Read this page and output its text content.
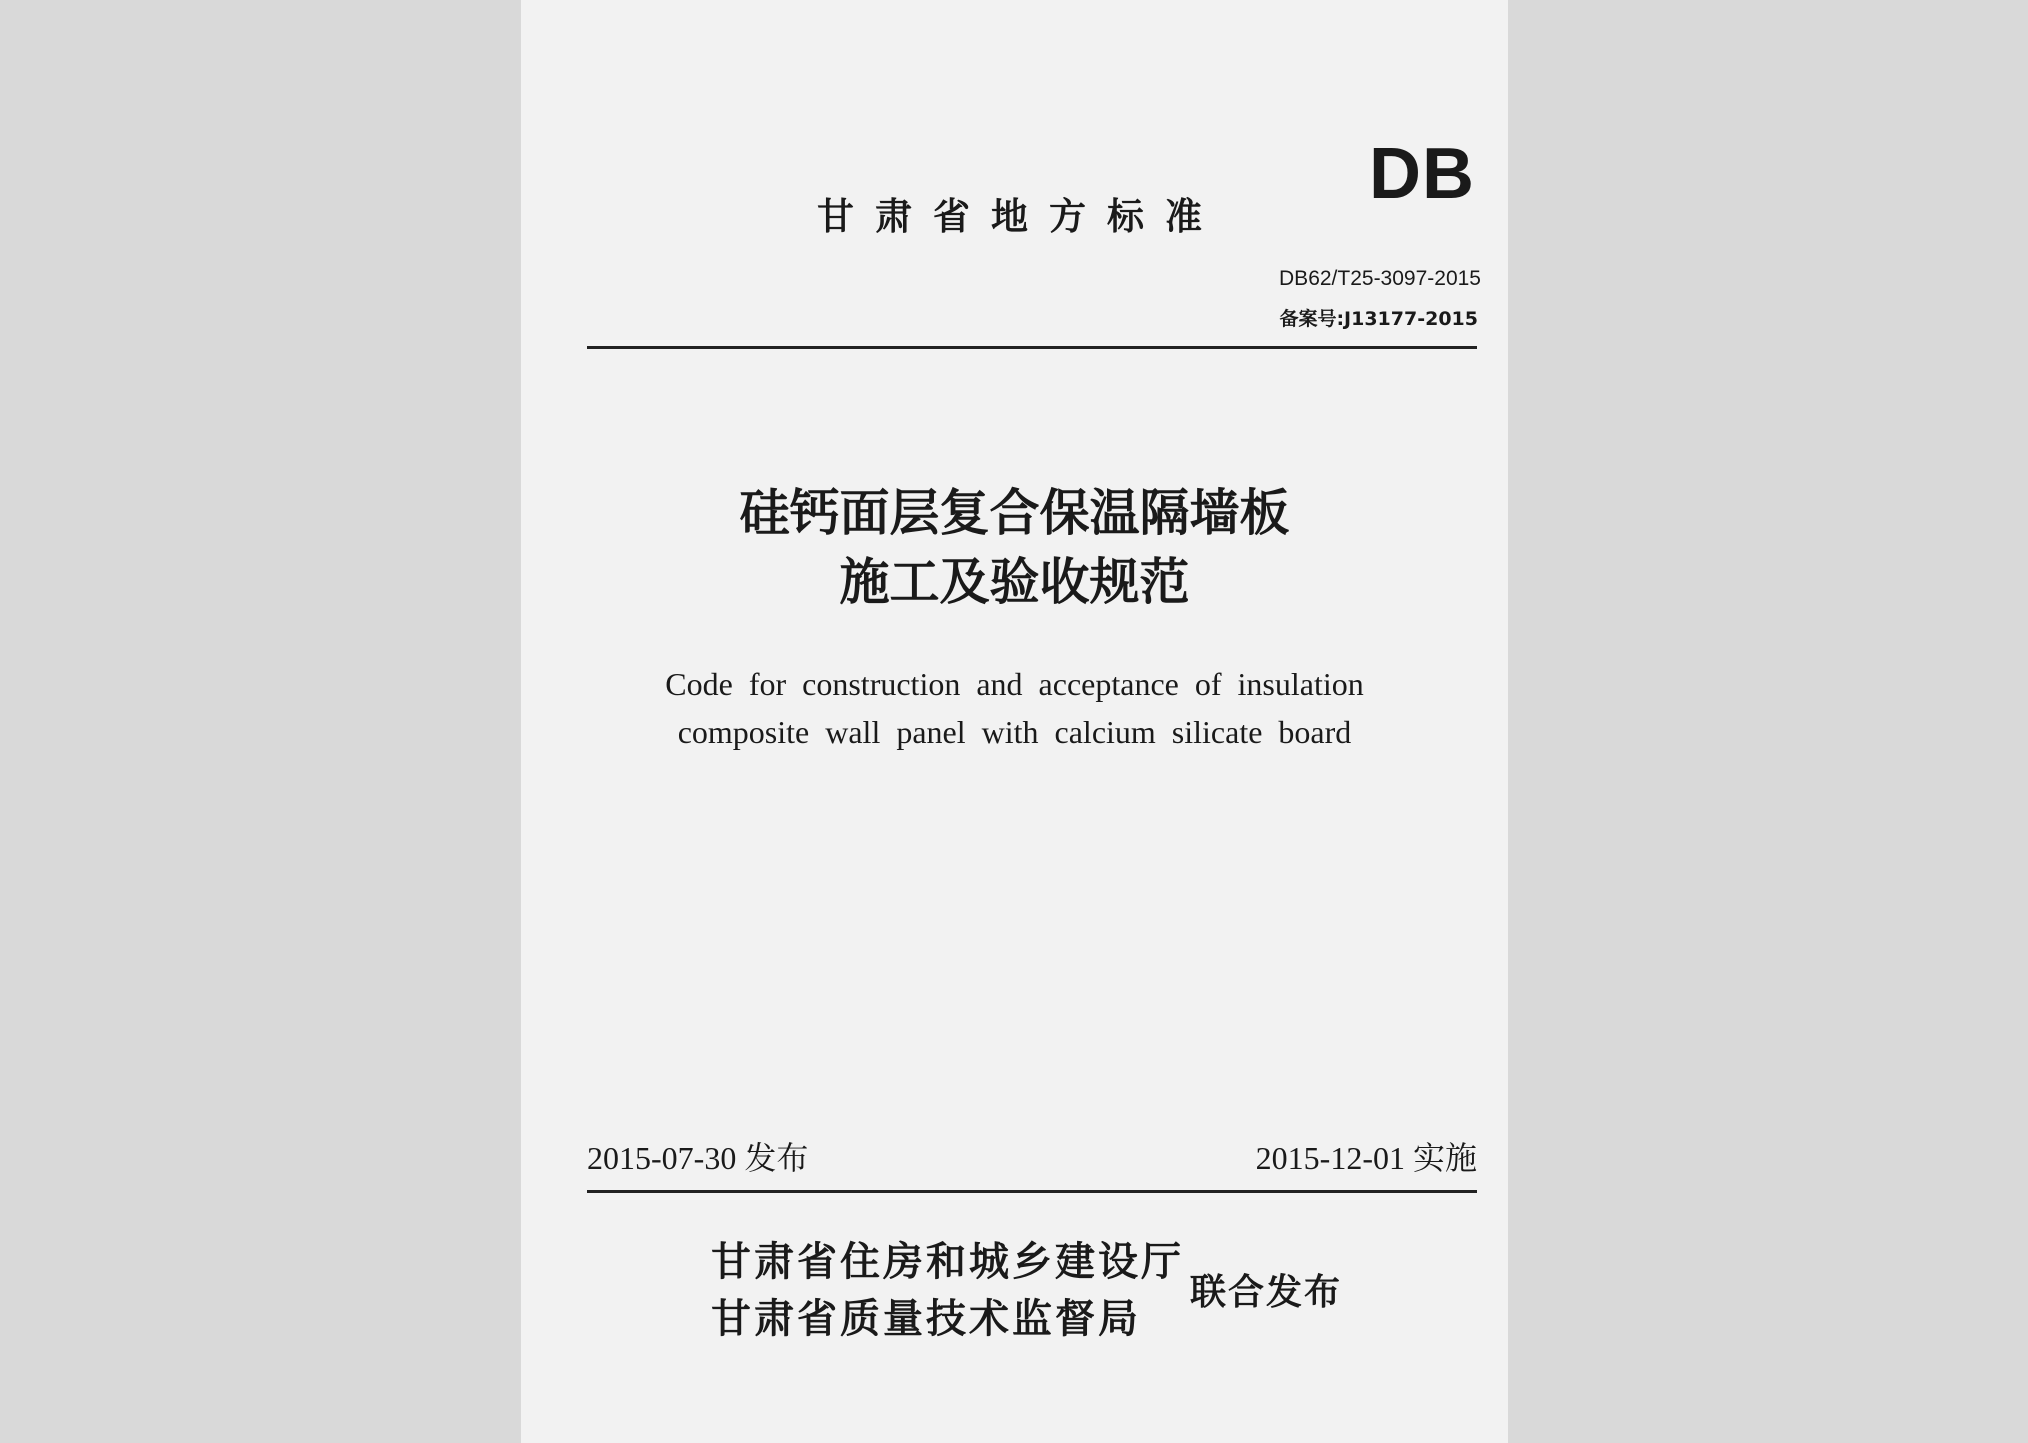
DB
甘肃省地方标准
DB62/T25-3097-2015
备案号:J13177-2015
硅钙面层复合保温隔墙板
施工及验收规范
Code for construction and acceptance of insulation
composite wall panel with calcium silicate board
2015-07-30 发布	2015-12-01 实施
甘肃省住房和城乡建设厅
甘肃省质量技术监督局
联合发布
